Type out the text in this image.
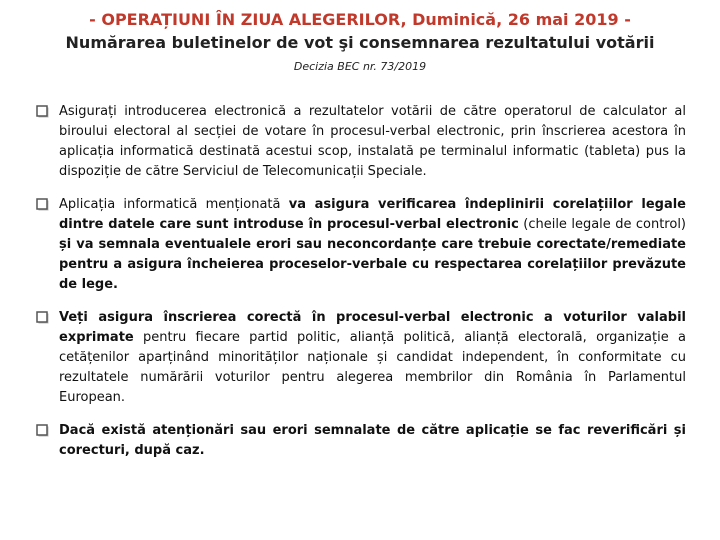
- OPERAȚIUNI ÎN ZIUA ALEGERILOR, Duminică, 26 mai 2019 -
Numărarea buletinelor de vot şi consemnarea rezultatului votării
Decizia BEC nr. 73/2019
Asigurați introducerea electronică a rezultatelor votării de către operatorul de calculator al biroului electoral al secției de votare în procesul-verbal electronic, prin înscrierea acestora în aplicația informatică destinată acestui scop, instalată pe terminalul informatic (tableta) pus la dispoziție de către Serviciul de Telecomunicații Speciale.
Aplicația informatică menționată va asigura verificarea îndeplinirii corelațiilor legale dintre datele care sunt introduse în procesul-verbal electronic (cheile legale de control) și va semnala eventualele erori sau neconcordanțe care trebuie corectate/remediate pentru a asigura încheierea proceselor-verbale cu respectarea corelațiilor prevăzute de lege.
Veți asigura înscrierea corectă în procesul-verbal electronic a voturilor valabil exprimate pentru fiecare partid politic, alianță politică, alianță electorală, organizație a cetățenilor aparținând minorităților naționale și candidat independent, în conformitate cu rezultatele numărării voturilor pentru alegerea membrilor din România în Parlamentul European.
Dacă există atenționări sau erori semnalate de către aplicație se fac reverificări și corecturi, după caz.
